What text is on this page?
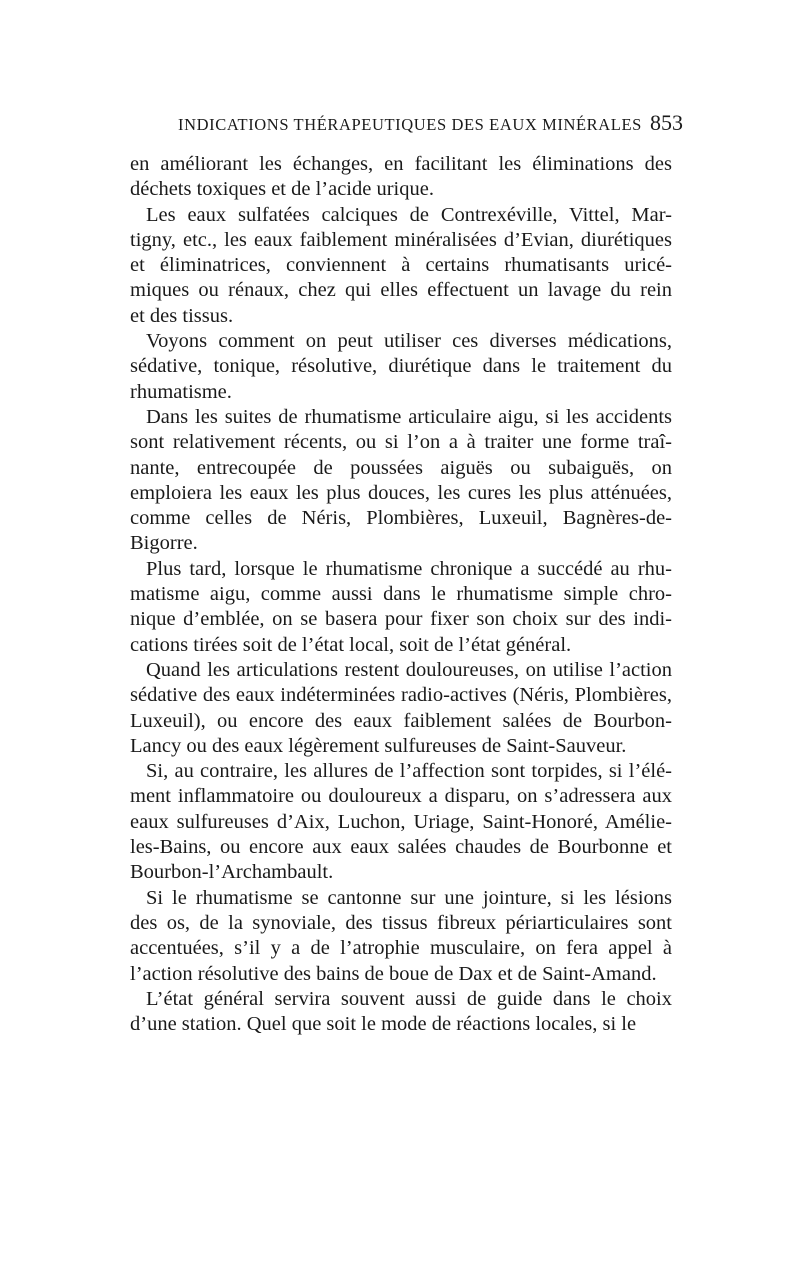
INDICATIONS THÉRAPEUTIQUES DES EAUX MINÉRALES 853
en améliorant les échanges, en facilitant les éliminations des
déchets toxiques et de l’acide urique.
Les eaux sulfatées calciques de Contrexéville, Vittel, Mar-
tigny, etc., les eaux faiblement minéralisées d’Evian, diurétiques
et éliminatrices, conviennent à certains rhumatisants uricé-
miques ou rénaux, chez qui elles effectuent un lavage du rein
et des tissus.
Voyons comment on peut utiliser ces diverses médications,
sédative, tonique, résolutive, diurétique dans le traitement du
rhumatisme.
Dans les suites de rhumatisme articulaire aigu, si les accidents
sont relativement récents, ou si l’on a à traiter une forme traî-
nante, entrecoupée de poussées aiguës ou subaiguës, on
emploiera les eaux les plus douces, les cures les plus atténuées,
comme celles de Néris, Plombières, Luxeuil, Bagnères-de-
Bigorre.
Plus tard, lorsque le rhumatisme chronique a succédé au rhu-
matisme aigu, comme aussi dans le rhumatisme simple chro-
nique d’emblée, on se basera pour fixer son choix sur des indi-
cations tirées soit de l’état local, soit de l’état général.
Quand les articulations restent douloureuses, on utilise l’action
sédative des eaux indéterminées radio-actives (Néris, Plombières,
Luxeuil), ou encore des eaux faiblement salées de Bourbon-
Lancy ou des eaux légèrement sulfureuses de Saint-Sauveur.
Si, au contraire, les allures de l’affection sont torpides, si l’élé-
ment inflammatoire ou douloureux a disparu, on s’adressera aux
eaux sulfureuses d’Aix, Luchon, Uriage, Saint-Honoré, Amélie-
les-Bains, ou encore aux eaux salées chaudes de Bourbonne et
Bourbon-l’Archambault.
Si le rhumatisme se cantonne sur une jointure, si les lésions
des os, de la synoviale, des tissus fibreux périarticulaires sont
accentuées, s’il y a de l’atrophie musculaire, on fera appel à
l’action résolutive des bains de boue de Dax et de Saint-Amand.
L’état général servira souvent aussi de guide dans le choix
d’une station. Quel que soit le mode de réactions locales, si le
